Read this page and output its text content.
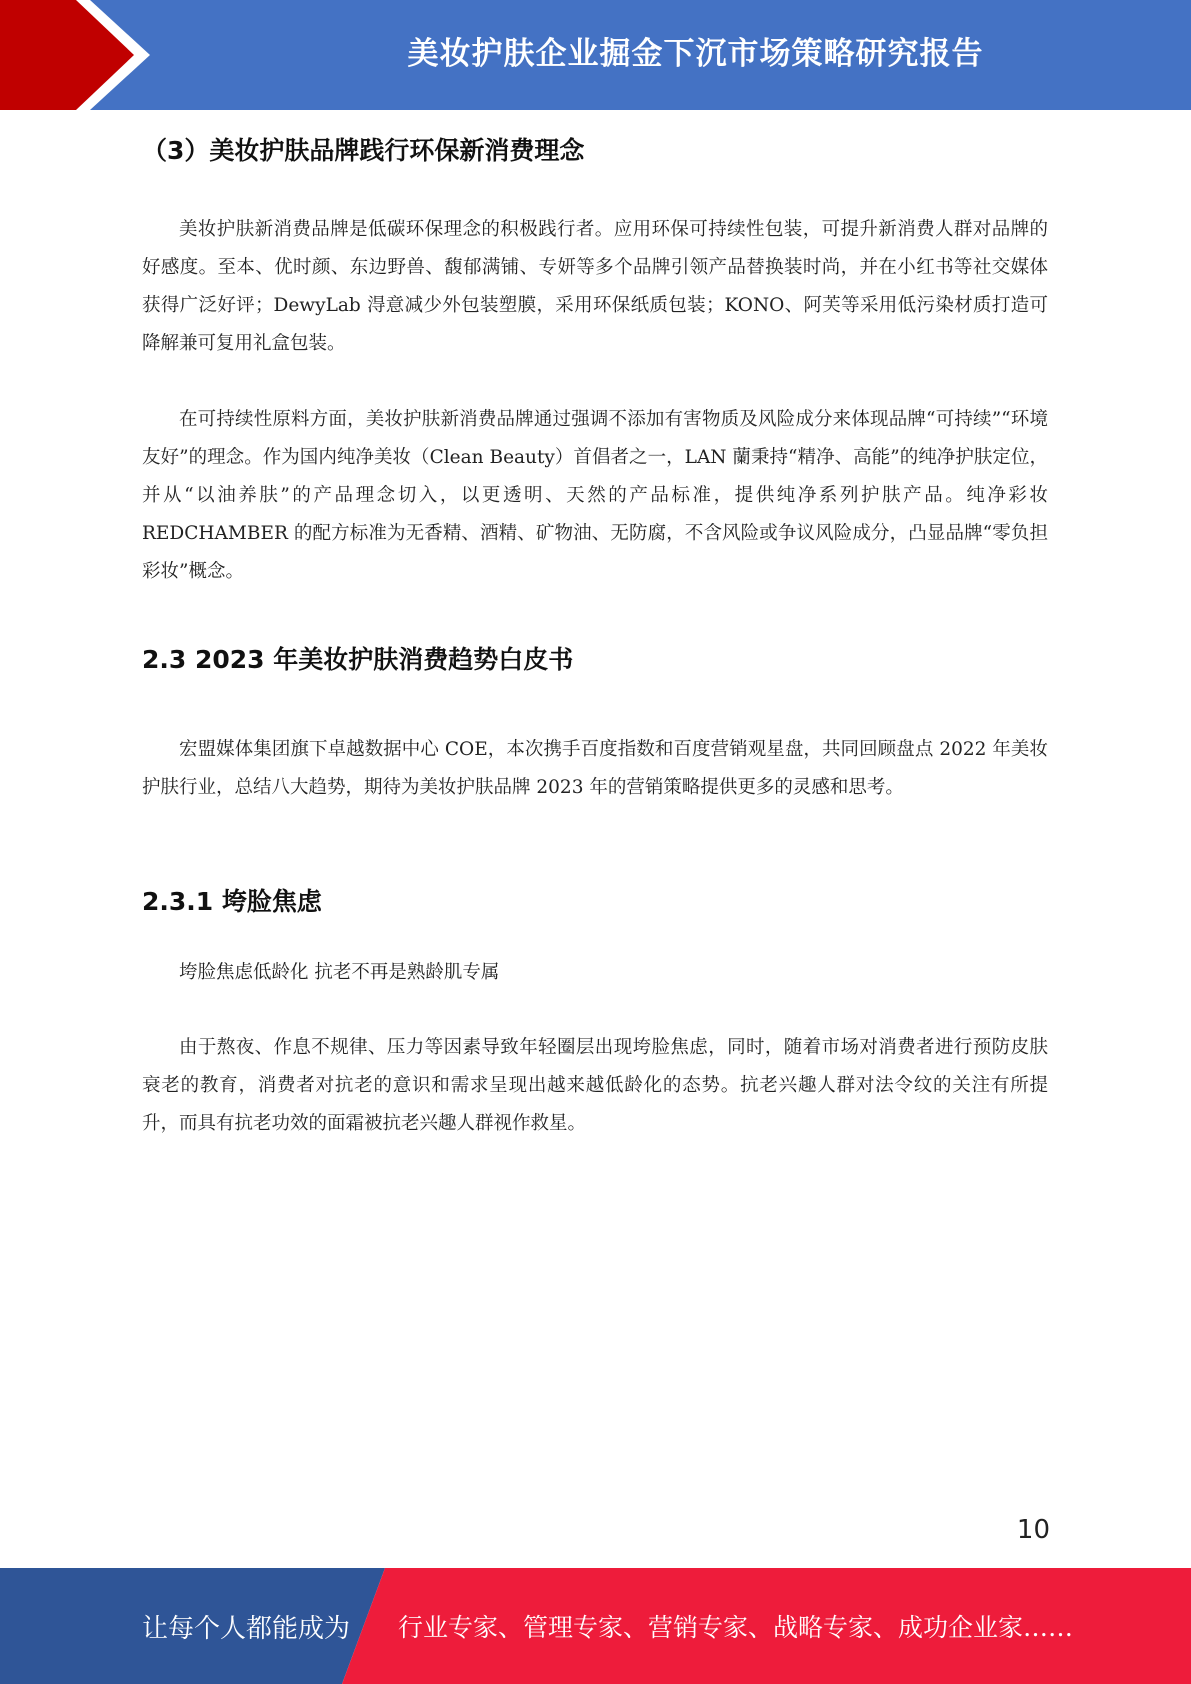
美妆护肤企业掘金下沉市场策略研究报告
（3）美妆护肤品牌践行环保新消费理念
美妆护肤新消费品牌是低碳环保理念的积极践行者。应用环保可持续性包装，可提升新消费人群对品牌的好感度。至本、优时颜、东边野兽、馥郁满铺、专妍等多个品牌引领产品替换装时尚，并在小红书等社交媒体获得广泛好评；DewyLab 淂意减少外包装塑膜，采用环保纸质包装；KONO、阿芙等采用低污染材质打造可降解兼可复用礼盒包装。
在可持续性原料方面，美妆护肤新消费品牌通过强调不添加有害物质及风险成分来体现品牌“可持续”“环境友好”的理念。作为国内纯净美妆（Clean Beauty）首倡者之一，LAN 蘭秉持“精净、高能”的纯净护肤定位，并从“以油养肤”的产品理念切入，以更透明、天然的产品标准，提供纯净系列护肤产品。纯净彩妆 REDCHAMBER 的配方标准为无香精、酒精、矿物油、无防腐，不含风险或争议风险成分，凸显品牌“零负担彩妆”概念。
2.3 2023 年美妆护肤消费趋势白皮书
宏盟媒体集团旗下卓越数据中心 COE，本次携手百度指数和百度营销观星盘，共同回顾盘点 2022 年美妆护肤行业，总结八大趋势，期待为美妆护肤品牌 2023 年的营销策略提供更多的灵感和思考。
2.3.1 垮脸焦虑
垮脸焦虑低龄化 抗老不再是熟龄肌专属
由于熬夜、作息不规律、压力等因素导致年轻圈层出现垮脸焦虑，同时，随着市场对消费者进行预防皮肤衰老的教育，消费者对抗老的意识和需求呈现出越来越低龄化的态势。抗老兴趣人群对法令纹的关注有所提升，而具有抗老功效的面霜被抗老兴趣人群视作救星。
10
让每个人都能成为 行业专家、管理专家、营销专家、战略专家、成功企业家……
